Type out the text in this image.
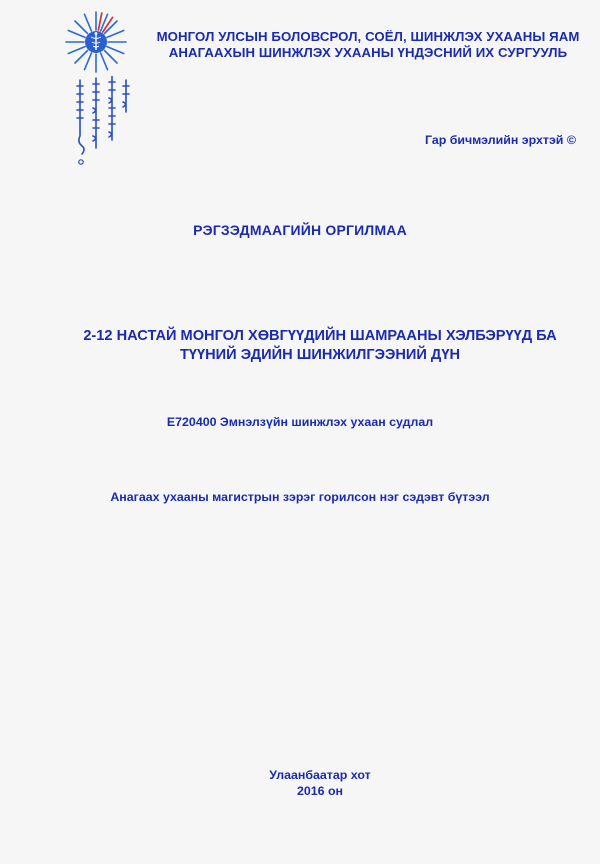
МОНГОЛ УЛСЫН БОЛОВСРОЛ, СОЁЛ, ШИНЖЛЭХ УХААНЫ ЯАМ
АНАГААХЫН ШИНЖЛЭХ УХААНЫ ҮНДЭСНИЙ ИХ СУРГУУЛЬ
Гар бичмэлийн эрхтэй ©
РЭГЗЭДМААГИЙН ОРГИЛМАА
2-12 НАСТАЙ МОНГОЛ ХӨВГҮҮДИЙН ШАМРААНЫ ХЭЛБЭРҮҮД БА
ТҮҮНИЙ ЭДИЙН ШИНЖИЛГЭЭНИЙ ДҮН
Е720400 Эмнэлзүйн шинжлэх ухаан судлал
Анагаах ухааны магистрын зэрэг горилсон нэг сэдэвт бүтээл
Улаанбаатар хот
2016 он
